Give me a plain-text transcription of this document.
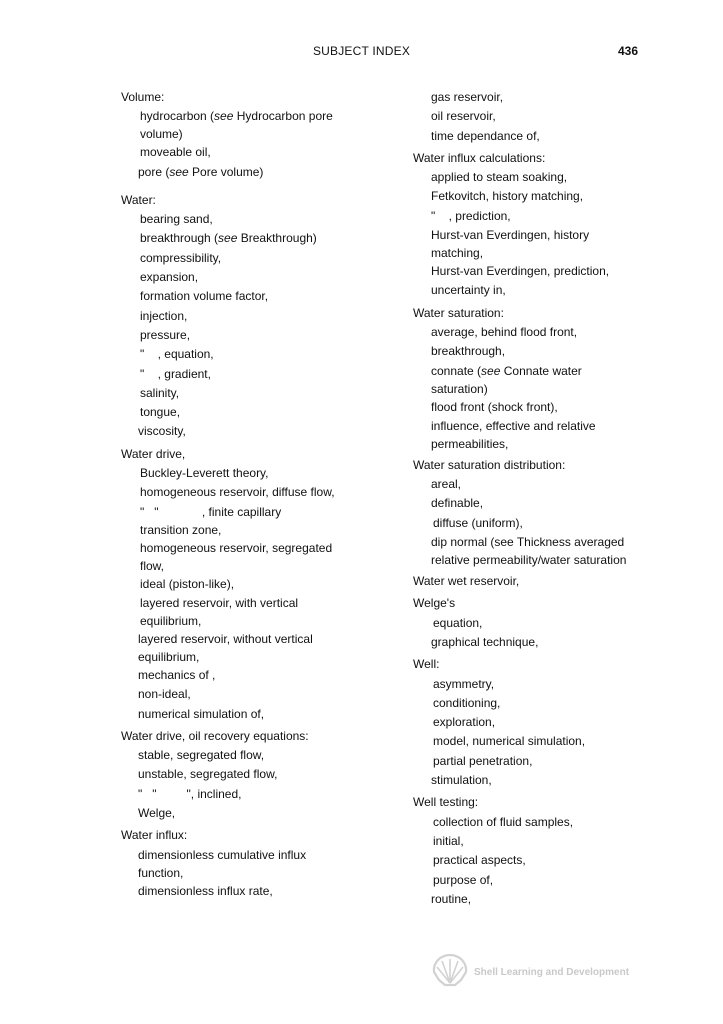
SUBJECT INDEX	436
Volume:
hydrocarbon (see Hydrocarbon pore
volume)
moveable oil,
pore (see Pore volume)
Water:
bearing sand,
breakthrough (see Breakthrough)
compressibility,
expansion,
formation volume factor,
injection,
pressure,
"    , equation,
"    , gradient,
salinity,
tongue,
viscosity,
Water drive,
Buckley-Leverett theory,
homogeneous reservoir, diffuse flow,
"   "             , finite capillary
transition zone,
homogeneous reservoir, segregated
flow,
ideal (piston-like),
layered reservoir, with vertical
equilibrium,
layered reservoir, without vertical
equilibrium,
mechanics of ,
non-ideal,
numerical simulation of,
Water drive, oil recovery equations:
stable, segregated flow,
unstable, segregated flow,
"   "         ", inclined,
Welge,
Water influx:
dimensionless cumulative influx
function,
dimensionless influx rate,
gas reservoir,
oil reservoir,
time dependance of,
Water influx calculations:
applied to steam soaking,
Fetkovitch, history matching,
"    , prediction,
Hurst-van Everdingen, history
matching,
Hurst-van Everdingen, prediction,
uncertainty in,
Water saturation:
average, behind flood front,
breakthrough,
connate (see Connate water
saturation)
flood front (shock front),
influence, effective and relative
permeabilities,
Water saturation distribution:
areal,
definable,
diffuse (uniform),
dip normal (see Thickness averaged
relative permeability/water saturation
Water wet reservoir,
Welge's
equation,
graphical technique,
Well:
asymmetry,
conditioning,
exploration,
model, numerical simulation,
partial penetration,
stimulation,
Well testing:
collection of fluid samples,
initial,
practical aspects,
purpose of,
routine,
Shell Learning and Development
